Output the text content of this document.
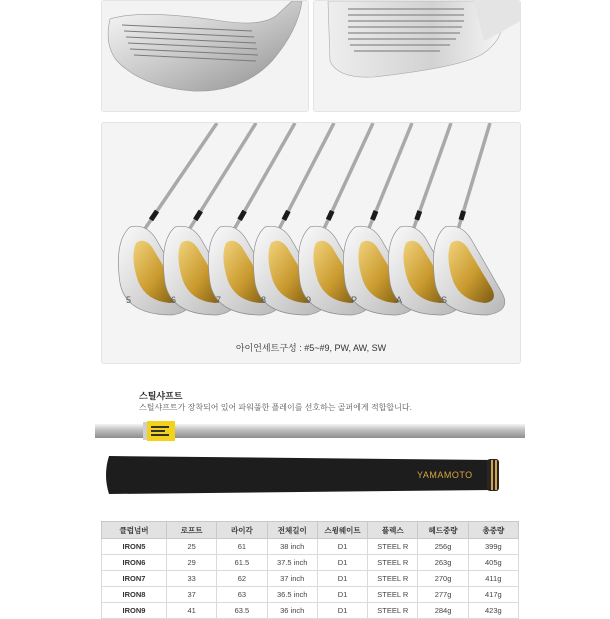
5	6	7	8	9	P	A	S
아이언세트구성 : #5~#9, PW, AW, SW
스틸샤프트
스틸샤프트가 장착되어 있어 파워풀한 플레이를 선호하는 골퍼에게 적합합니다.
YAMAMOTO
클럽넘버	로프트	라이각	전체길이	스윙웨이트	플렉스	헤드중량	총중량
IRON5	25	61	38 inch	D1	STEEL R	256g	399g
IRON6	29	61.5	37.5 inch	D1	STEEL R	263g	405g
IRON7	33	62	37 inch	D1	STEEL R	270g	411g
IRON8	37	63	36.5 inch	D1	STEEL R	277g	417g
IRON9	41	63.5	36 inch	D1	STEEL R	284g	423g
